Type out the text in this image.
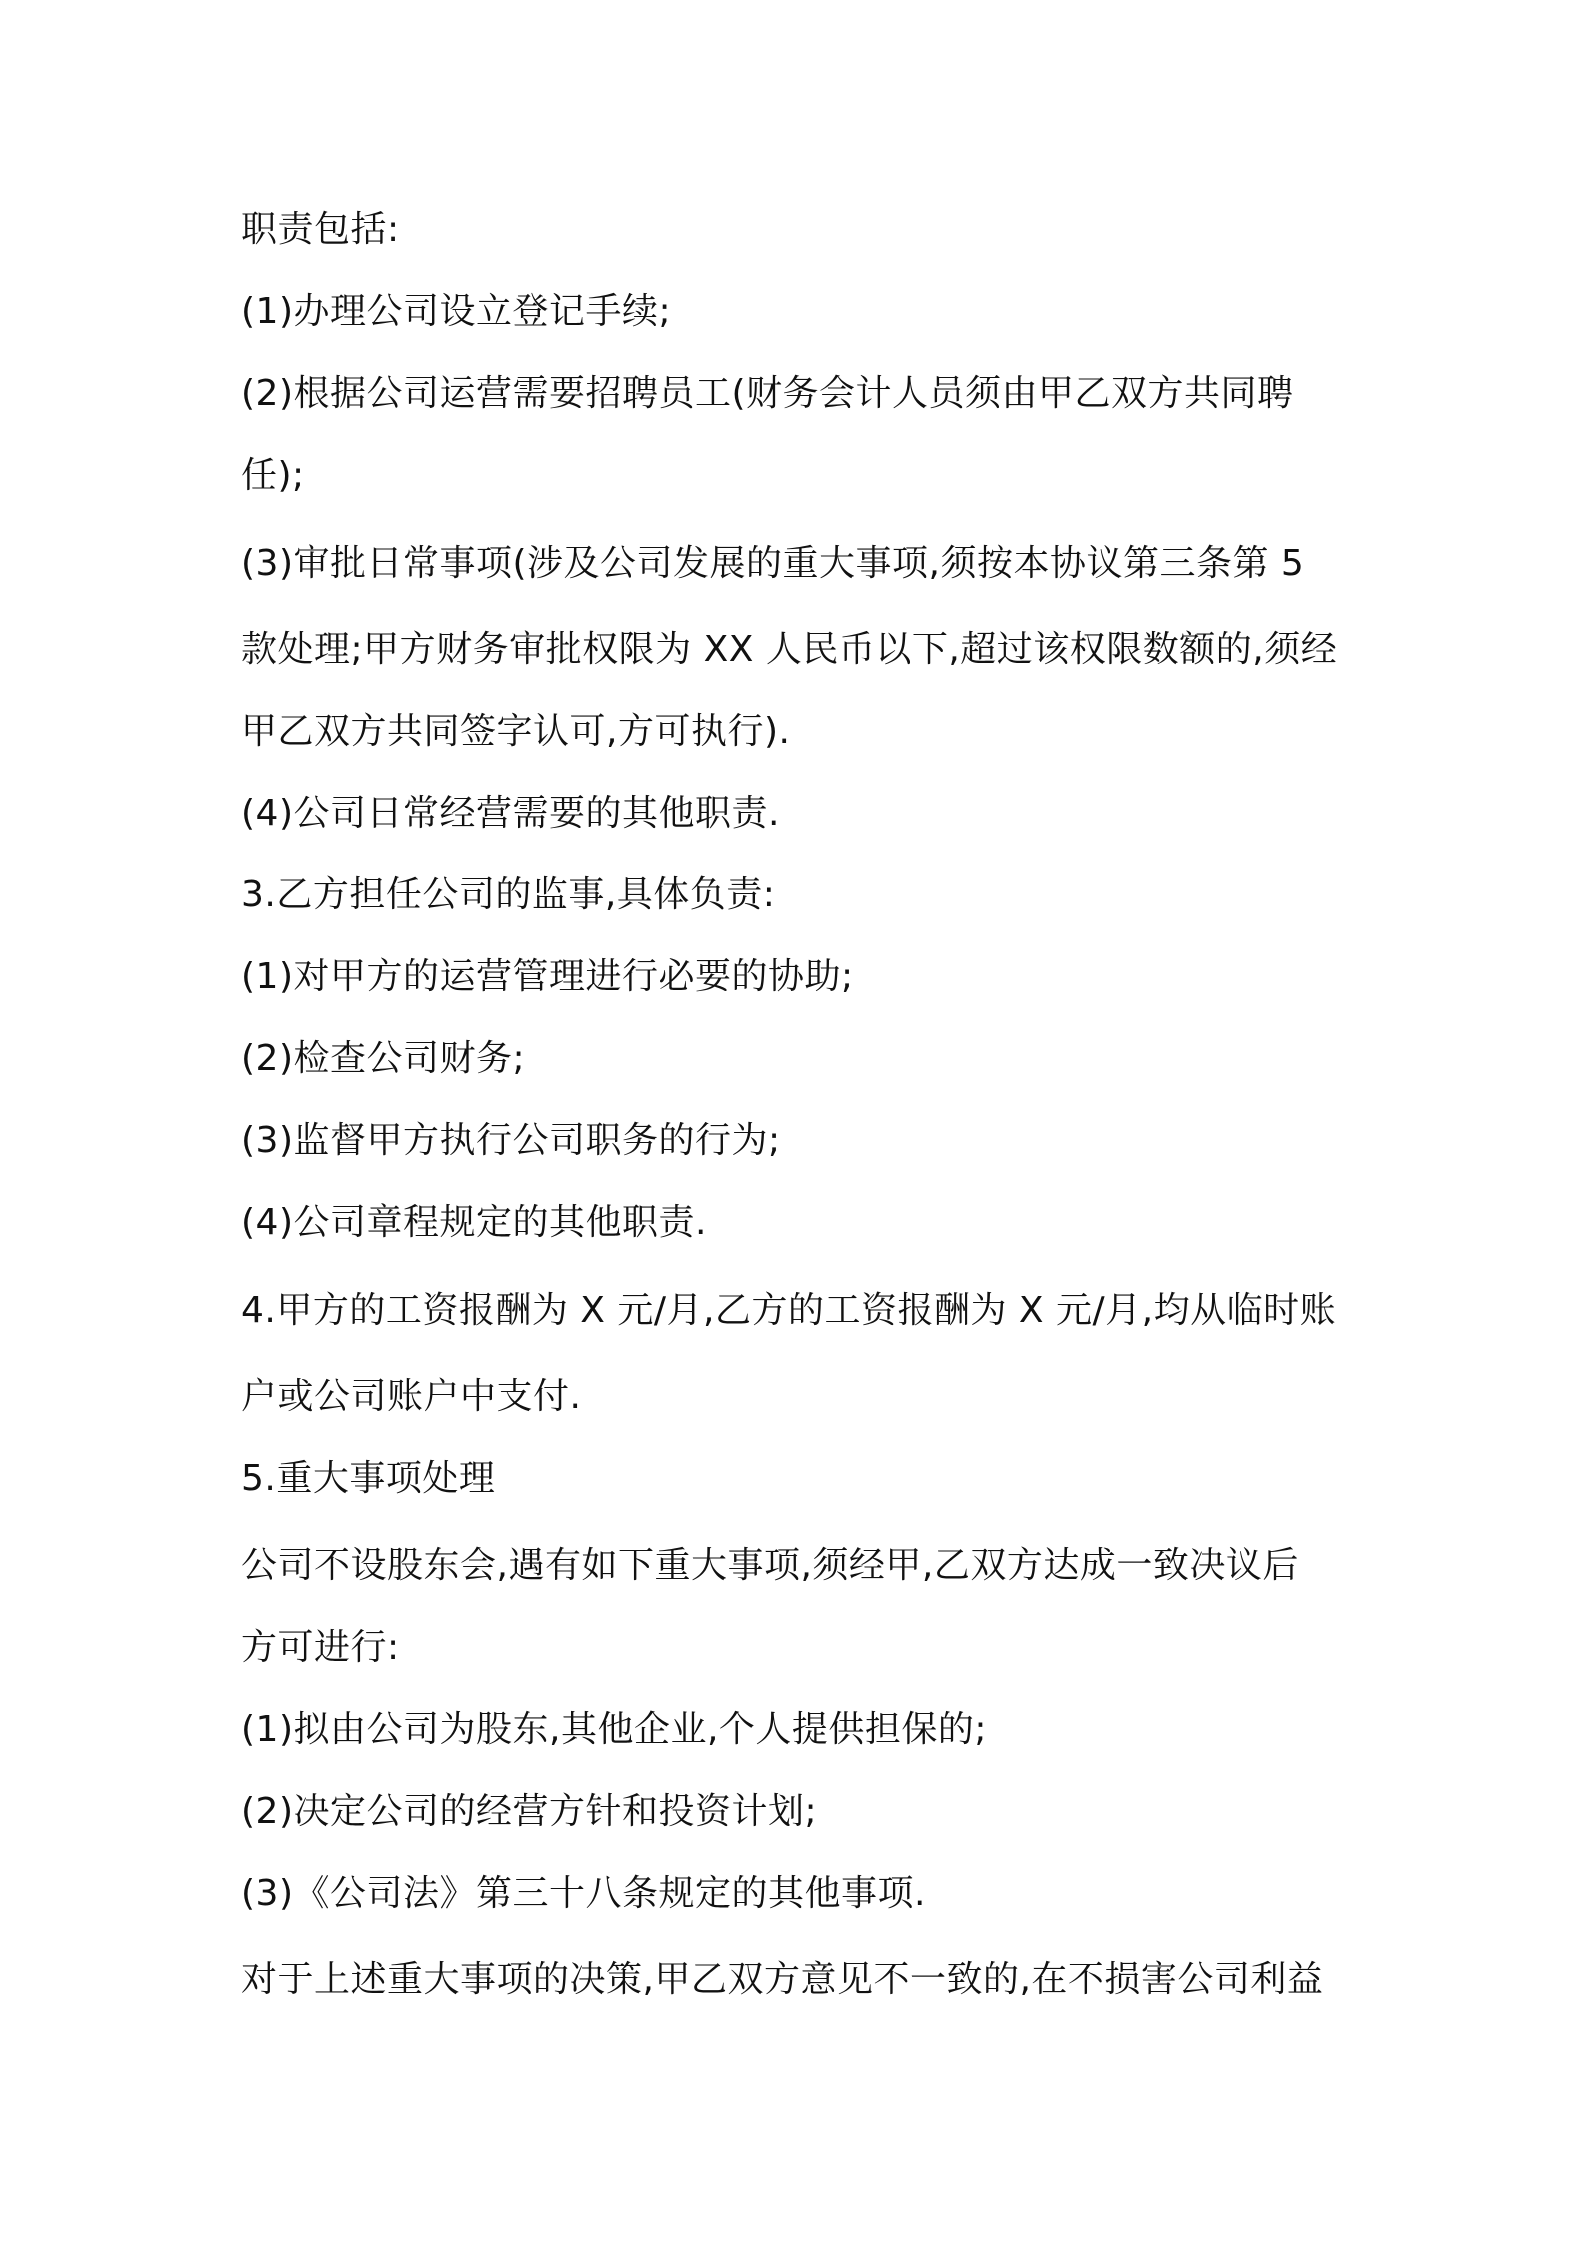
职责包括:

(1)办理公司设立登记手续;

(2)根据公司运营需要招聘员工(财务会计人员须由甲乙双方共同聘

任);

(3)审批日常事项(涉及公司发展的重大事项,须按本协议第三条第 5

款处理;甲方财务审批权限为 XX 人民币以下,超过该权限数额的,须经

甲乙双方共同签字认可,方可执行).

(4)公司日常经营需要的其他职责.

3.乙方担任公司的监事,具体负责:

(1)对甲方的运营管理进行必要的协助;

(2)检查公司财务;

(3)监督甲方执行公司职务的行为;

(4)公司章程规定的其他职责.

4.甲方的工资报酬为 X 元/月,乙方的工资报酬为 X 元/月,均从临时账

户或公司账户中支付.

5.重大事项处理

公司不设股东会,遇有如下重大事项,须经甲,乙双方达成一致决议后

方可进行:

(1)拟由公司为股东,其他企业,个人提供担保的;

(2)决定公司的经营方针和投资计划;

(3)《公司法》第三十八条规定的其他事项.

对于上述重大事项的决策,甲乙双方意见不一致的,在不损害公司利益
